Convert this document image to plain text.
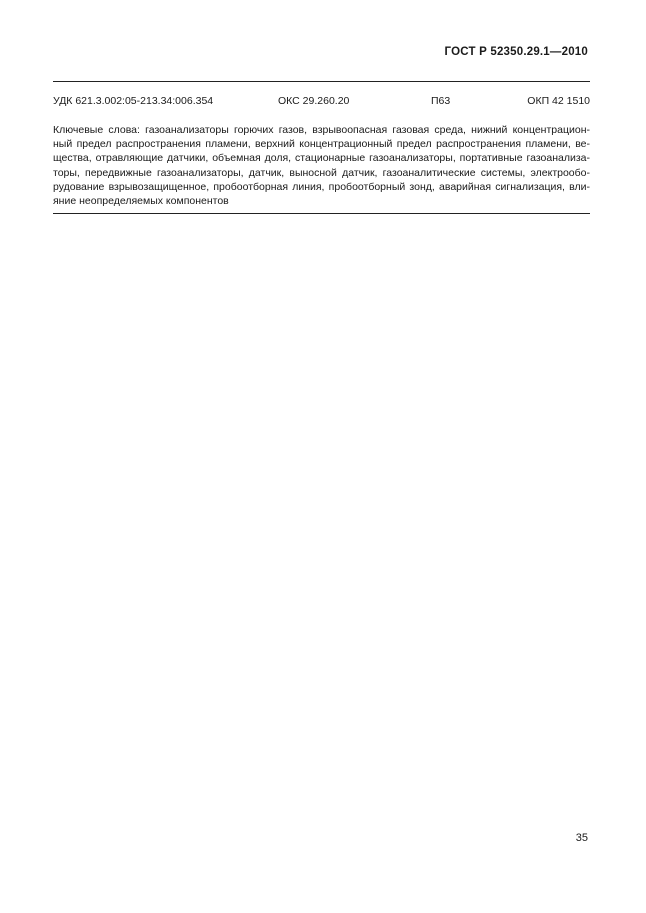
ГОСТ Р 52350.29.1—2010
УДК 621.3.002:05-213.34:006.354	ОКС 29.260.20	П63	ОКП 42 1510
Ключевые слова: газоанализаторы горючих газов, взрывоопасная газовая среда, нижний концентрацион-
ный предел распространения пламени, верхний концентрационный предел распространения пламени, ве-
щества, отравляющие датчики, объемная доля, стационарные газоанализаторы, портативные газоанализа-
торы, передвижные газоанализаторы, датчик, выносной датчик, газоаналитические системы, электрообо-
рудование взрывозащищенное, пробоотборная линия, пробоотборный зонд, аварийная сигнализация, вли-
яние неопределяемых компонентов
35
